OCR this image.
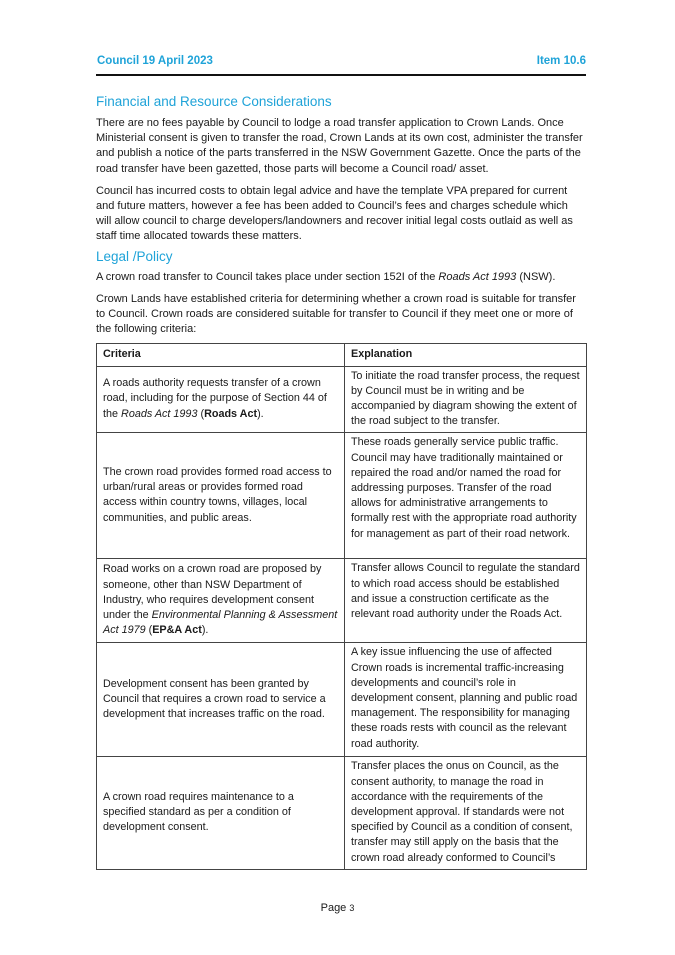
Council 19 April 2023	Item 10.6
Financial and Resource Considerations

There are no fees payable by Council to lodge a road transfer application to Crown Lands. Once Ministerial consent is given to transfer the road, Crown Lands at its own cost, administer the transfer and publish a notice of the parts transferred in the NSW Government Gazette. Once the parts of the road transfer have been gazetted, those parts will become a Council road/ asset.

Council has incurred costs to obtain legal advice and have the template VPA prepared for current and future matters, however a fee has been added to Council’s fees and charges schedule which will allow council to charge developers/landowners and recover initial legal costs outlaid as well as staff time allocated towards these matters.

Legal /Policy

A crown road transfer to Council takes place under section 152I of the Roads Act 1993 (NSW).

Crown Lands have established criteria for determining whether a crown road is suitable for transfer to Council. Crown roads are considered suitable for transfer to Council if they meet one or more of the following criteria:

Criteria	Explanation
A roads authority requests transfer of a crown road, including for the purpose of Section 44 of the Roads Act 1993 (Roads Act).	To initiate the road transfer process, the request by Council must be in writing and be accompanied by diagram showing the extent of the road subject to the transfer.
The crown road provides formed road access to urban/rural areas or provides formed road access within country towns, villages, local communities, and public areas.	These roads generally service public traffic. Council may have traditionally maintained or repaired the road and/or named the road for addressing purposes. Transfer of the road allows for administrative arrangements to formally rest with the appropriate road authority for management as part of their road network.
Road works on a crown road are proposed by someone, other than NSW Department of Industry, who requires development consent under the Environmental Planning & Assessment Act 1979 (EP&A Act).	Transfer allows Council to regulate the standard to which road access should be established and issue a construction certificate as the relevant road authority under the Roads Act.
Development consent has been granted by Council that requires a crown road to service a development that increases traffic on the road.	A key issue influencing the use of affected Crown roads is incremental traffic-increasing developments and council’s role in development consent, planning and public road management. The responsibility for managing these roads rests with council as the relevant road authority.
A crown road requires maintenance to a specified standard as per a condition of development consent.	Transfer places the onus on Council, as the consent authority, to manage the road in accordance with the requirements of the development approval. If standards were not specified by Council as a condition of consent, transfer may still apply on the basis that the crown road already conformed to Council’s
Page 3
